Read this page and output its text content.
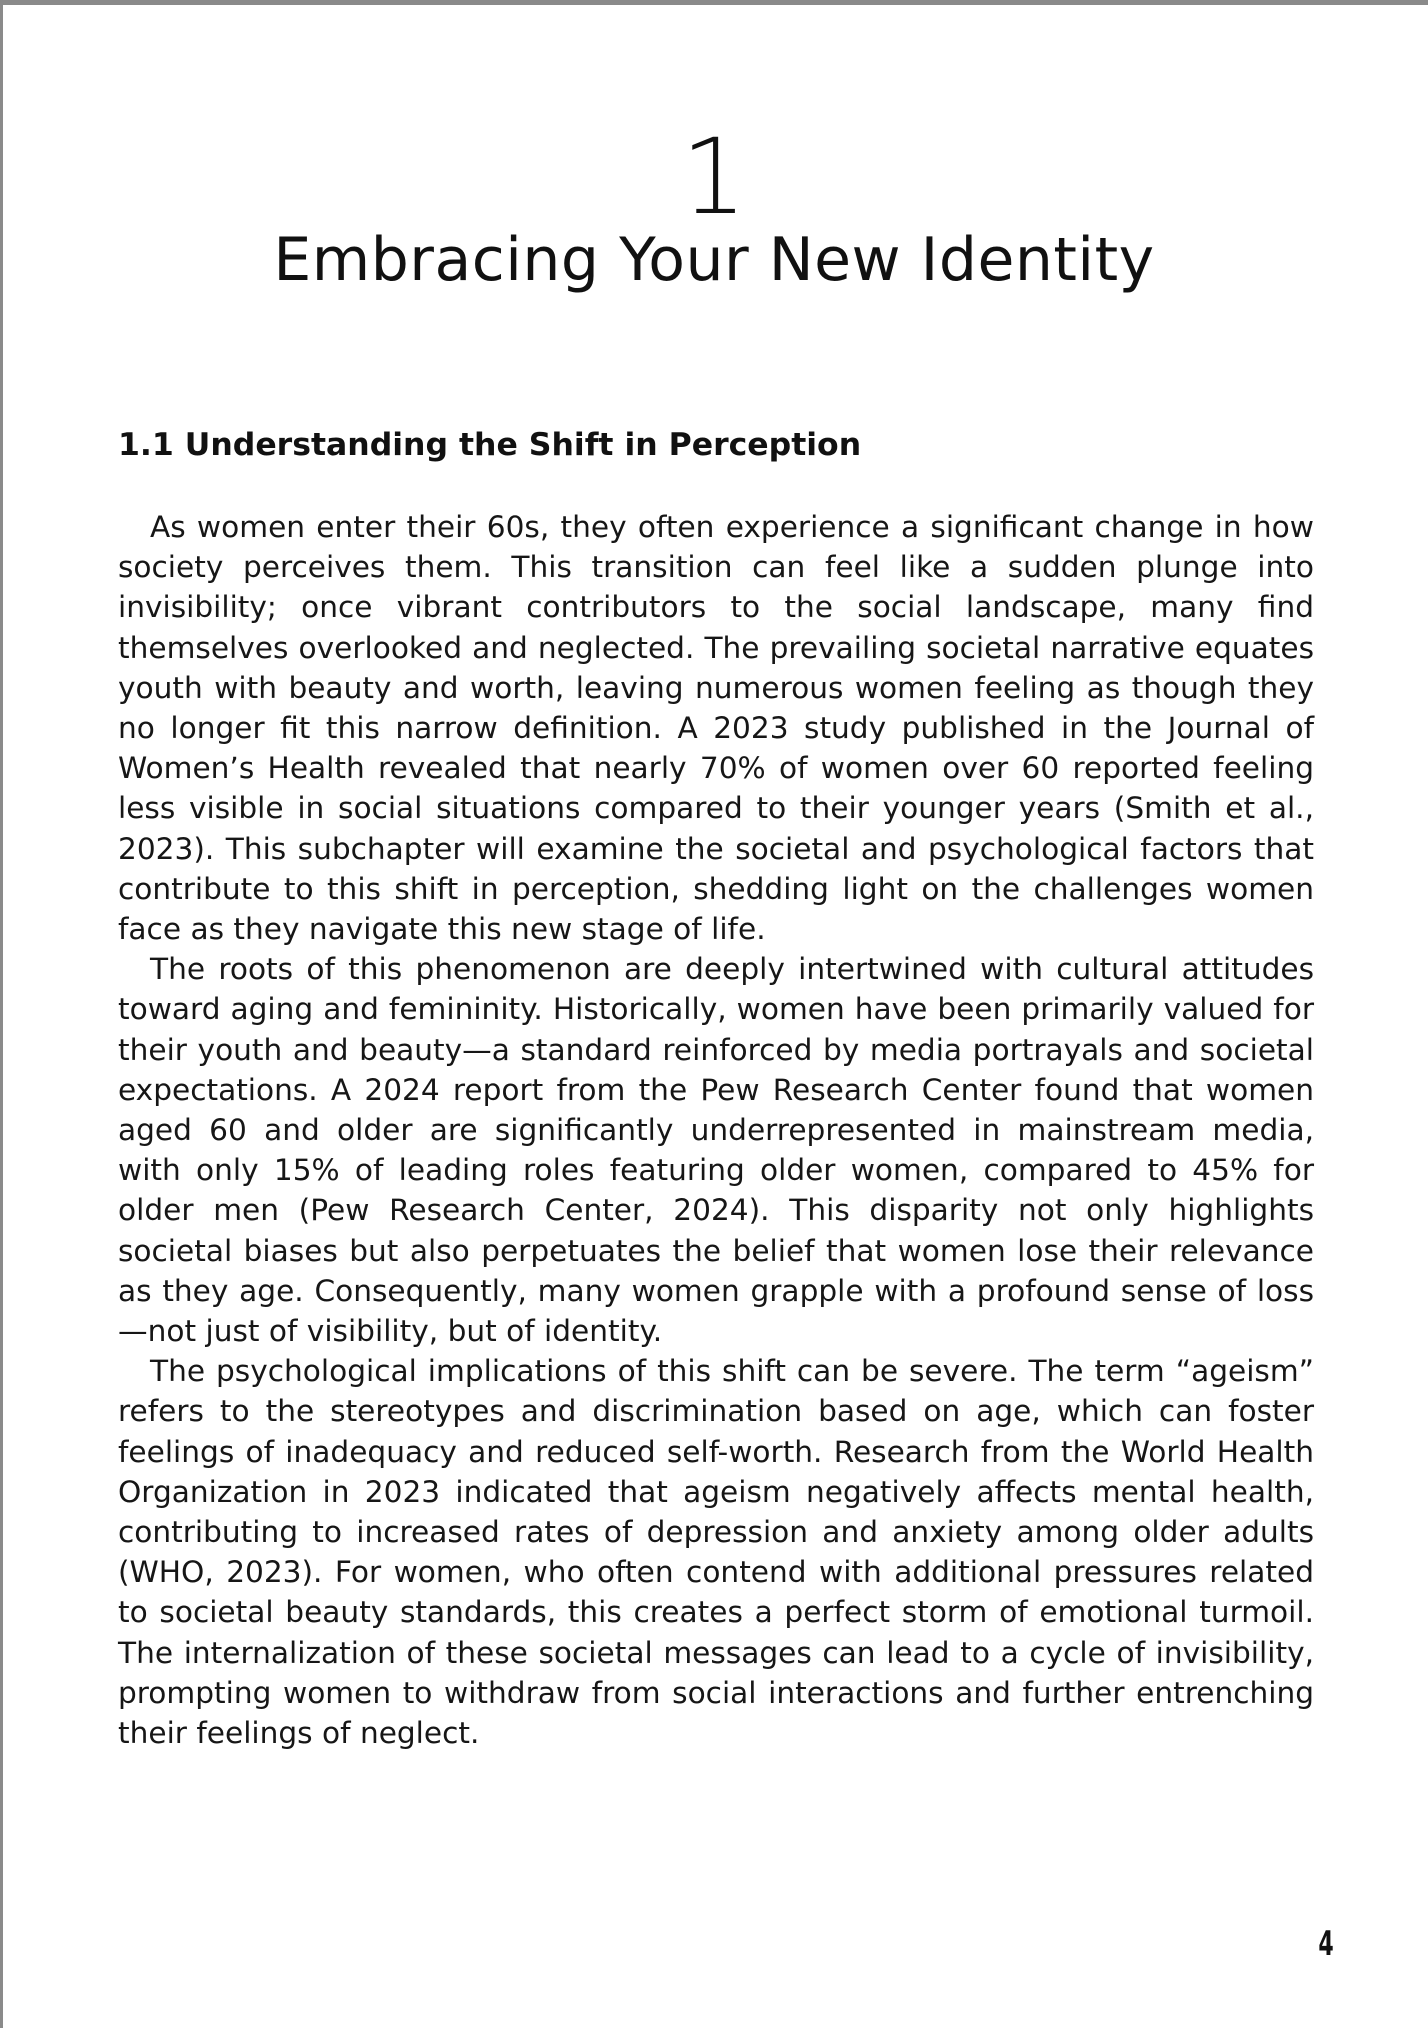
1
Embracing Your New Identity
1.1 Understanding the Shift in Perception

As women enter their 60s, they often experience a significant change in how society perceives them. This transition can feel like a sudden plunge into invisibility; once vibrant contributors to the social landscape, many find themselves overlooked and neglected. The prevailing societal narrative equates youth with beauty and worth, leaving numerous women feeling as though they no longer fit this narrow definition. A 2023 study published in the Journal of Women’s Health revealed that nearly 70% of women over 60 reported feeling less visible in social situations compared to their younger years (Smith et al., 2023). This subchapter will examine the societal and psychological factors that contribute to this shift in perception, shedding light on the challenges women face as they navigate this new stage of life.

The roots of this phenomenon are deeply intertwined with cultural attitudes toward aging and femininity. Historically, women have been primarily valued for their youth and beauty—a standard reinforced by media portrayals and societal expectations. A 2024 report from the Pew Research Center found that women aged 60 and older are significantly underrepresented in mainstream media, with only 15% of leading roles featuring older women, compared to 45% for older men (Pew Research Center, 2024). This disparity not only highlights societal biases but also perpetuates the belief that women lose their relevance as they age. Consequently, many women grapple with a profound sense of loss—not just of visibility, but of identity.

The psychological implications of this shift can be severe. The term “ageism” refers to the stereotypes and discrimination based on age, which can foster feelings of inadequacy and reduced self-worth. Research from the World Health Organization in 2023 indicated that ageism negatively affects mental health, contributing to increased rates of depression and anxiety among older adults (WHO, 2023). For women, who often contend with additional pressures related to societal beauty standards, this creates a perfect storm of emotional turmoil. The internalization of these societal messages can lead to a cycle of invisibility, prompting women to withdraw from social interactions and further entrenching their feelings of neglect.

4
